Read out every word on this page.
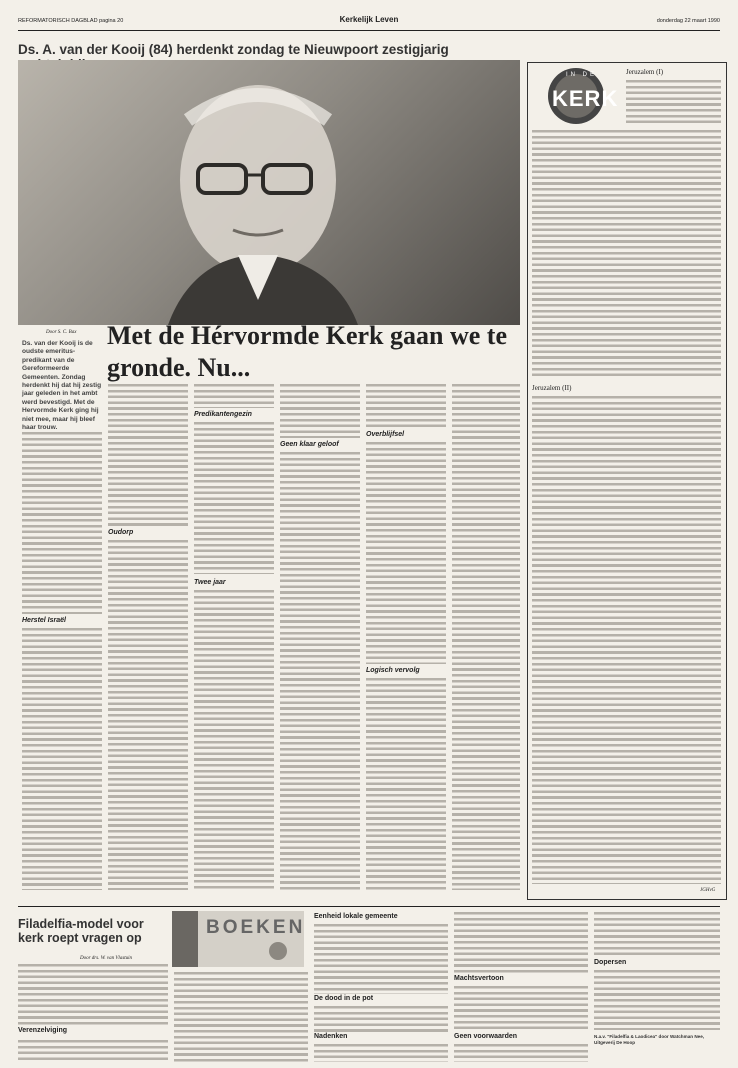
REFORMATORISCH DAGBLAD pagina 20	Kerkelijk Leven	donderdag 22 maart 1990
Ds. A. van der Kooij (84) herdenkt zondag te Nieuwpoort zestigjarig
Door S. C. Bax
Ds. van der Kooij is de oudste emeritus-predikant van de Gereformeerde Gemeenten. Zondag herdenkt hij dat hij zestig jaar geleden in het ambt werd bevestigd. Met de Hervormde Kerk ging hij niet mee, maar hij bleef haar trouw.
Met de Hérvormde Kerk gaan we te gronde. Nu...
Herstel Israël
Oudorp
Predikantengezin
Twee jaar
Geen klaar geloof
Overblijfsel
Logisch vervolg
IN DE
KERK
Jeruzalem (I)
Jeruzalem (II)
JGHvG
Filadelfia-model voor kerk roept vragen op
Door drs. W. van Vlastuin
BOEKEN
Verenzelviging
Eenheid lokale gemeente
De dood in de pot
Nadenken
Machtsvertoon
Geen voorwaarden
Dopersen
N.a.v. "Filadelfia & Laodicea" door Watchman Nee, Uitgeverij De Hoop
